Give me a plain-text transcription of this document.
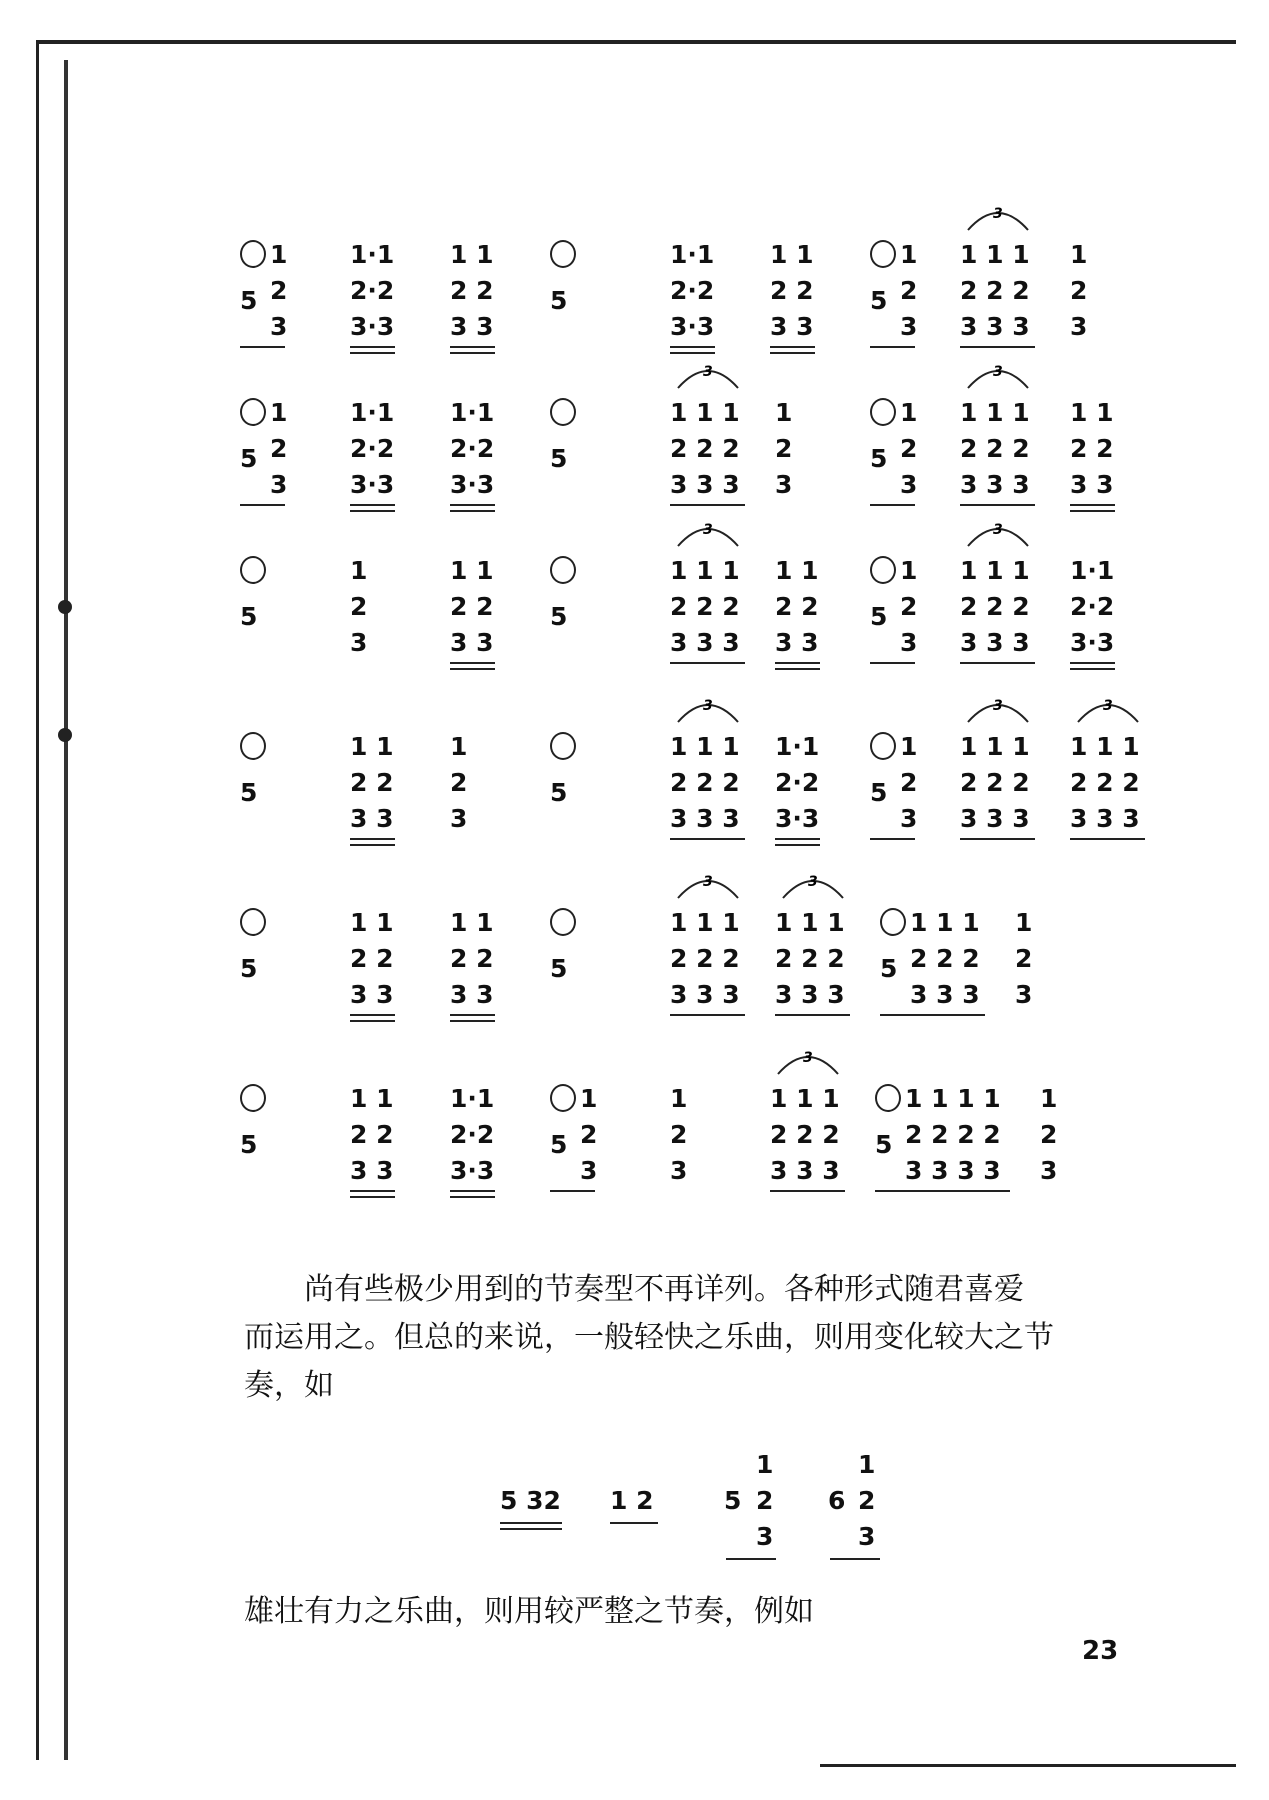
1
2
3
5
1·1
2·2
3·3
1 1
2 2
3 3
5
1·1
2·2
3·3
1 1
2 2
3 3
1
2
3
5
1 1 1
2 2 2
3 3 3
3
1
2
3
1
2
3
5
1·1
2·2
3·3
1·1
2·2
3·3
5
1 1 1
2 2 2
3 3 3
3
1
2
3
1
2
3
5
1 1 1
2 2 2
3 3 3
3
1 1
2 2
3 3
5
1
2
3
1 1
2 2
3 3
5
1 1 1
2 2 2
3 3 3
3
1 1
2 2
3 3
1
2
3
5
1 1 1
2 2 2
3 3 3
3
1·1
2·2
3·3
5
1 1
2 2
3 3
1
2
3
5
1 1 1
2 2 2
3 3 3
3
1·1
2·2
3·3
1
2
3
5
1 1 1
2 2 2
3 3 3
3
1 1 1
2 2 2
3 3 3
3
5
1 1
2 2
3 3
1 1
2 2
3 3
5
1 1 1
2 2 2
3 3 3
3
1 1 1
2 2 2
3 3 3
3
1 1 1
2 2 2
3 3 3
5
1
2
3
5
1 1
2 2
3 3
1·1
2·2
3·3
1
2
3
5
1
2
3
1 1 1
2 2 2
3 3 3
3
1 1 1 1
2 2 2 2
3 3 3 3
5
1
2
3
尚有些极少用到的节奏型不再详列。各种形式随君喜爱
而运用之。但总的来说，一般轻快之乐曲，则用变化较大之节
奏，如
5 32 1 2	5
1
2
3
6
1
2
3
雄壮有力之乐曲，则用较严整之节奏，例如
23
